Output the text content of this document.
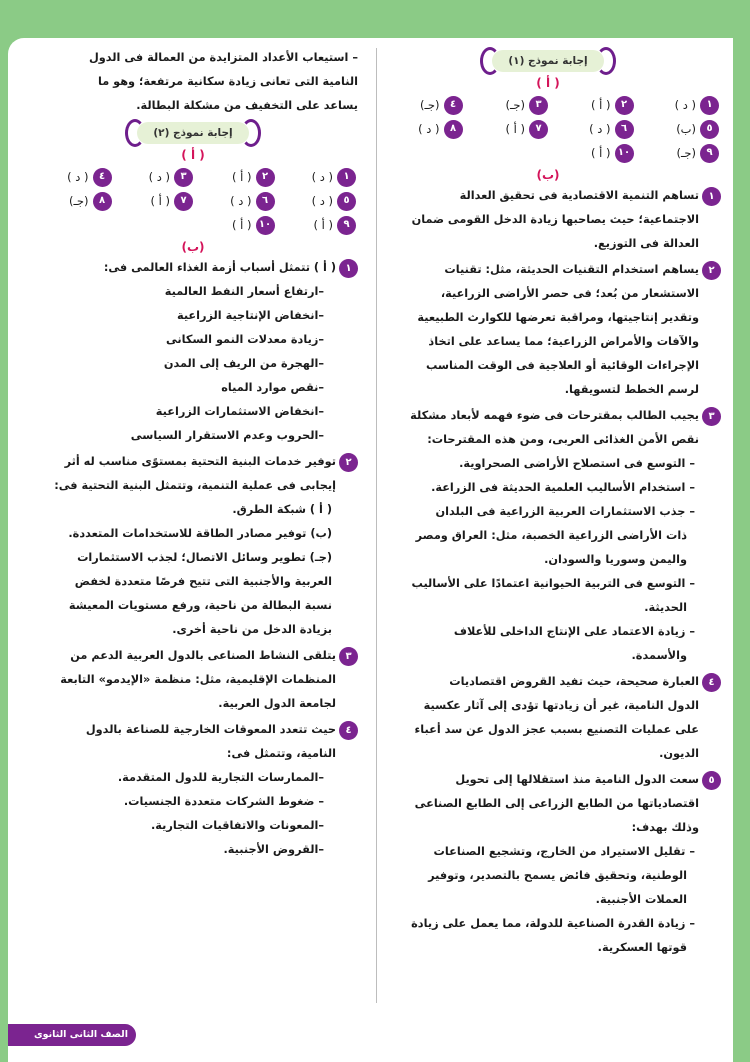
إجابة نموذج (١)
( أ )
١
( د )
٢
( أ )
٣
(جـ)
٤
(جـ)
٥
(ب)
٦
( د )
٧
( أ )
٨
( د )
٩
(جـ)
١٠
( أ )
(ب)
١

تساهم التنمية الاقتصادية فى تحقيق العدالة

الاجتماعية؛ حيث يصاحبها زيادة الدخل القومى ضمان

العدالة فى التوزيع.

٢

يساهم استخدام التقنيات الحديثة، مثل: تقنيات

الاستشعار من بُعد؛ فى حصر الأراضى الزراعية،

وتقدير إنتاجيتها، ومراقبة تعرضها للكوارث الطبيعية

والآفات والأمراض الزراعية؛ مما يساعد على اتخاذ

الإجراءات الوقائية أو العلاجية فى الوقت المناسب

لرسم الخطط لتسويقها.

٣

يجيب الطالب بمقترحات فى ضوء فهمه لأبعاد مشكلة

نقص الأمن الغذائى العربى، ومن هذه المقترحات:

– التوسع فى استصلاح الأراضى الصحراوية.

– استخدام الأساليب العلمية الحديثة فى الزراعة.

– جذب الاستثمارات العربية الزراعية فى البلدان

ذات الأراضى الزراعية الخصبة، مثل: العراق ومصر

واليمن وسوريا والسودان.

– التوسع فى التربية الحيوانية اعتمادًا على الأساليب

الحديثة.

– زيادة الاعتماد على الإنتاج الداخلى للأعلاف

والأسمدة.

٤

العبارة صحيحة، حيث تفيد القروض اقتصاديات

الدول النامية، غير أن زيادتها تؤدى إلى آثار عكسية

على عمليات التصنيع بسبب عجز الدول عن سد أعباء

الديون.

٥

سعت الدول النامية منذ استقلالها إلى تحويل

اقتصادياتها من الطابع الزراعى إلى الطابع الصناعى

وذلك بهدف:

– تقليل الاستيراد من الخارج، وتشجيع الصناعات

الوطنية، وتحقيق فائض يسمح بالتصدير، وتوفير

العملات الأجنبية.

– زيادة القدرة الصناعية للدولة، مما يعمل على زيادة

قوتها العسكرية.

– استيعاب الأعداد المتزايدة من العمالة فى الدول

النامية التى تعانى زيادة سكانية مرتفعة؛ وهو ما

يساعد على التخفيف من مشكلة البطالة.

إجابة نموذج (٢)
( أ )
١
( د )
٢
( أ )
٣
( د )
٤
( د )
٥
( د )
٦
( د )
٧
( أ )
٨
(جـ)
٩
( أ )
١٠
( أ )
(ب)
١

( أ ) تتمثل أسباب أزمة الغذاء العالمى فى:

–ارتفاع أسعار النفط العالمية

–انخفاض الإنتاجية الزراعية

–زيادة معدلات النمو السكانى

–الهجرة من الريف إلى المدن

–نقص موارد المياه

–انخفاض الاستثمارات الزراعية

–الحروب وعدم الاستقرار السياسى

٢

توفير خدمات البنية التحتية بمستوًى مناسب له أثر

إيجابى فى عملية التنمية، وتتمثل البنية التحتية فى:

( أ ) شبكة الطرق.

(ب) توفير مصادر الطاقة للاستخدامات المتعددة.

(جـ) تطوير وسائل الاتصال؛ لجذب الاستثمارات

العربية والأجنبية التى تتيح فرصًا متعددة لخفض

نسبة البطالة من ناحية، ورفع مستويات المعيشة

بزيادة الدخل من ناحية أخرى.

٣

يتلقى النشاط الصناعى بالدول العربية الدعم من

المنظمات الإقليمية، مثل: منظمة «الإيدمو» التابعة

لجامعة الدول العربية.

٤

حيث تتعدد المعوقات الخارجية للصناعة بالدول

النامية، وتتمثل فى:

–الممارسات التجارية للدول المتقدمة.

– ضغوط الشركات متعددة الجنسيات.

–المعونات والاتفاقيات التجارية.

–القروض الأجنبية.

الصف الثانى الثانوى
